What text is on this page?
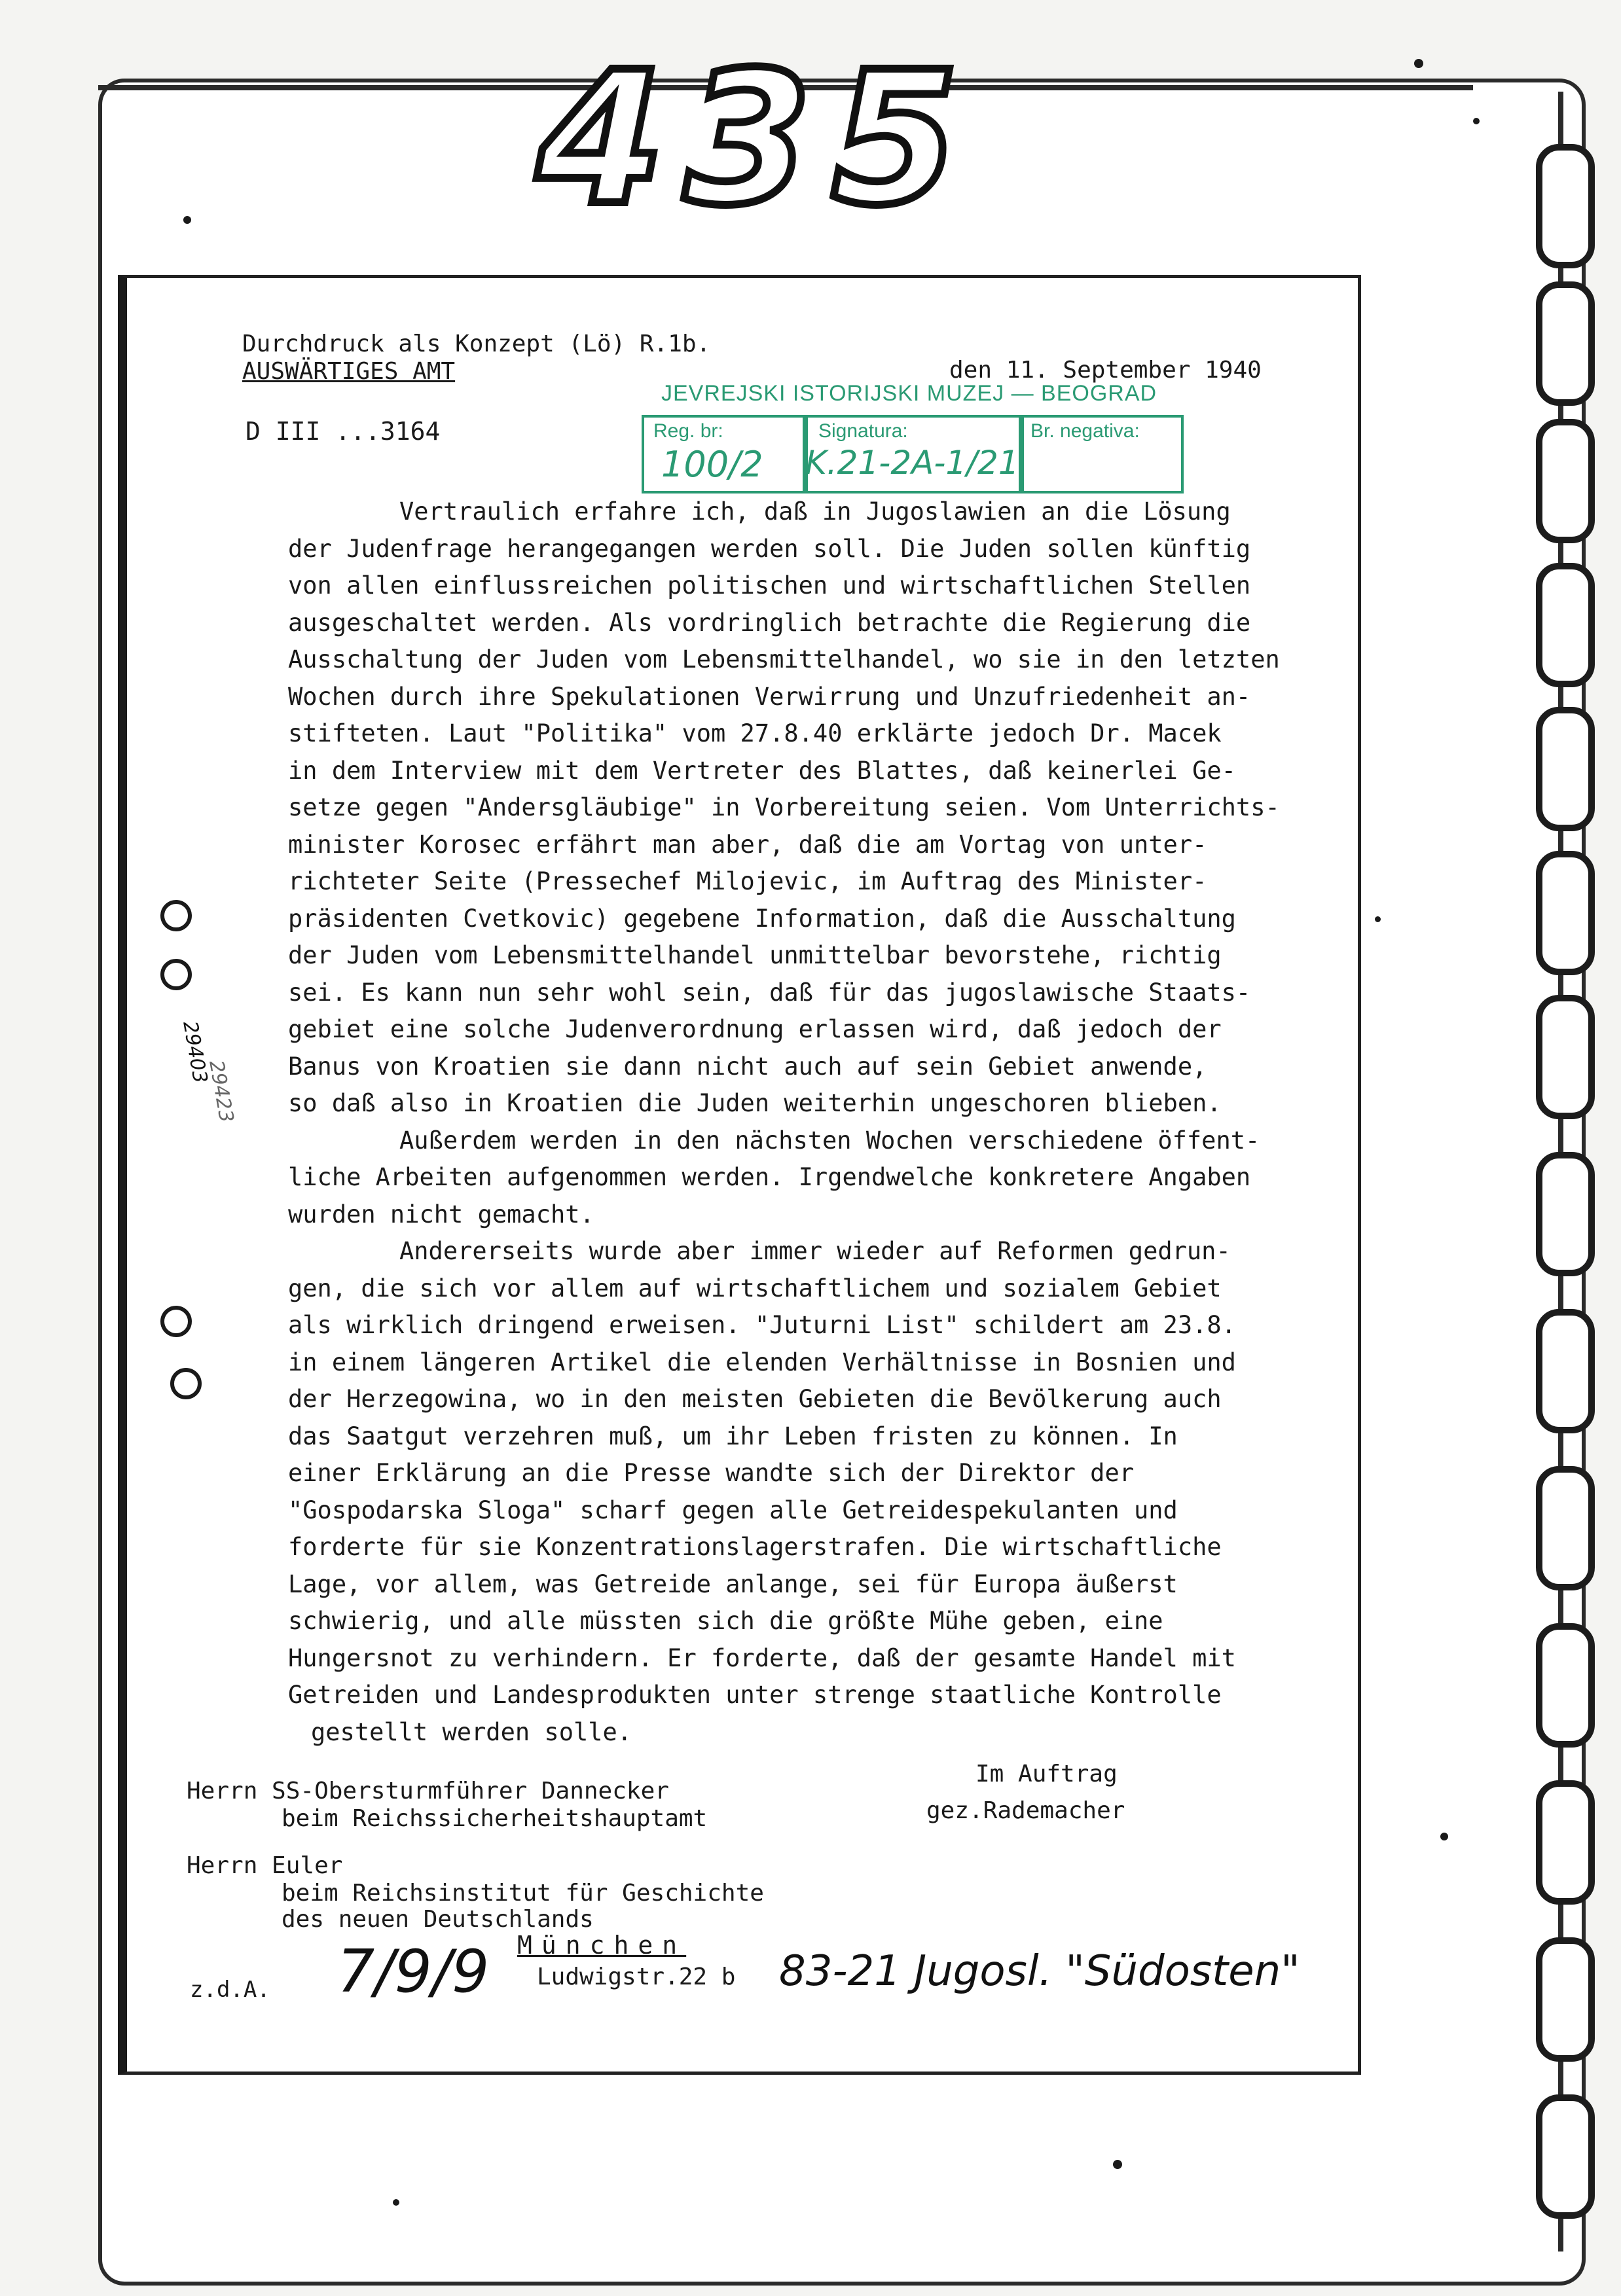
435
Durchdruck als Konzept (Lö) R.1b.
AUSWÄRTIGES AMT	den 11. September 1940
D III ...3164
JEVREJSKI ISTORIJSKI MUZEJ — BEOGRAD
Reg. br:
100/2
Signatura:
K.21-2A-1/21
Br. negativa:
29403
29423
Vertraulich erfahre ich, daß in Jugoslawien an die Lösung
der Judenfrage herangegangen werden soll. Die Juden sollen künftig
von allen einflussreichen politischen und wirtschaftlichen Stellen
ausgeschaltet werden. Als vordringlich betrachte die Regierung die
Ausschaltung der Juden vom Lebensmittelhandel, wo sie in den letzten
Wochen durch ihre Spekulationen Verwirrung und Unzufriedenheit an-
stifteten. Laut "Politika" vom 27.8.40 erklärte jedoch Dr. Macek
in dem Interview mit dem Vertreter des Blattes, daß keinerlei Ge-
setze gegen "Andersgläubige" in Vorbereitung seien. Vom Unterrichts-
minister Korosec erfährt man aber, daß die am Vortag von unter-
richteter Seite (Pressechef Milojevic, im Auftrag des Minister-
präsidenten Cvetkovic) gegebene Information, daß die Ausschaltung
der Juden vom Lebensmittelhandel unmittelbar bevorstehe, richtig
sei. Es kann nun sehr wohl sein, daß für das jugoslawische Staats-
gebiet eine solche Judenverordnung erlassen wird, daß jedoch der
Banus von Kroatien sie dann nicht auch auf sein Gebiet anwende,
so daß also in Kroatien die Juden weiterhin ungeschoren blieben.
Außerdem werden in den nächsten Wochen verschiedene öffent-
liche Arbeiten aufgenommen werden. Irgendwelche konkretere Angaben
wurden nicht gemacht.
Andererseits wurde aber immer wieder auf Reformen gedrun-
gen, die sich vor allem auf wirtschaftlichem und sozialem Gebiet
als wirklich dringend erweisen. "Juturni List" schildert am 23.8.
in einem längeren Artikel die elenden Verhältnisse in Bosnien und
der Herzegowina, wo in den meisten Gebieten die Bevölkerung auch
das Saatgut verzehren muß, um ihr Leben fristen zu können. In
einer Erklärung an die Presse wandte sich der Direktor der
"Gospodarska Sloga" scharf gegen alle Getreidespekulanten und
forderte für sie Konzentrationslagerstrafen. Die wirtschaftliche
Lage, vor allem, was Getreide anlange, sei für Europa äußerst
schwierig, und alle müssten sich die größte Mühe geben, eine
Hungersnot zu verhindern. Er forderte, daß der gesamte Handel mit
Getreiden und Landesprodukten unter strenge staatliche Kontrolle
gestellt werden solle.
Im Auftrag
gez.Rademacher
Herrn SS-Obersturmführer Dannecker
beim Reichssicherheitshauptamt
Herrn Euler
beim Reichsinstitut für Geschichte
des neuen Deutschlands
München
Ludwigstr.22 b
z.d.A. 7/9/9	83-21 Jugosl. "Südosten"
